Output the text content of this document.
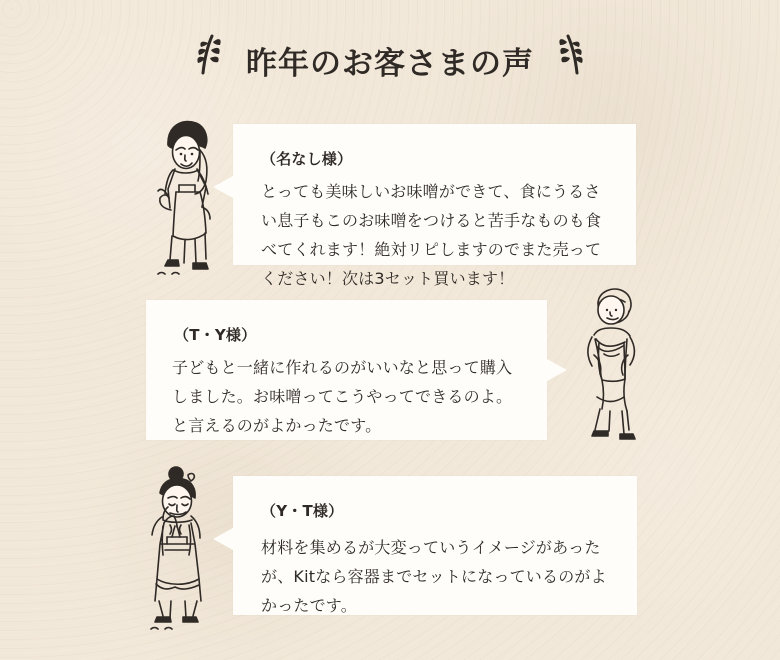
昨年のお客さまの声
（名なし様）
とっても美味しいお味噌ができて、食にうるさい息子もこのお味噌をつけると苦手なものも食べてくれます！絶対リピしますのでまた売ってください！次は3セット買います！
（T・Y様）
子どもと一緒に作れるのがいいなと思って購入しました。お味噌ってこうやってできるのよ。と言えるのがよかったです。
（Y・T様）
材料を集めるが大変っていうイメージがあったが、Kitなら容器までセットになっているのがよかったです。
